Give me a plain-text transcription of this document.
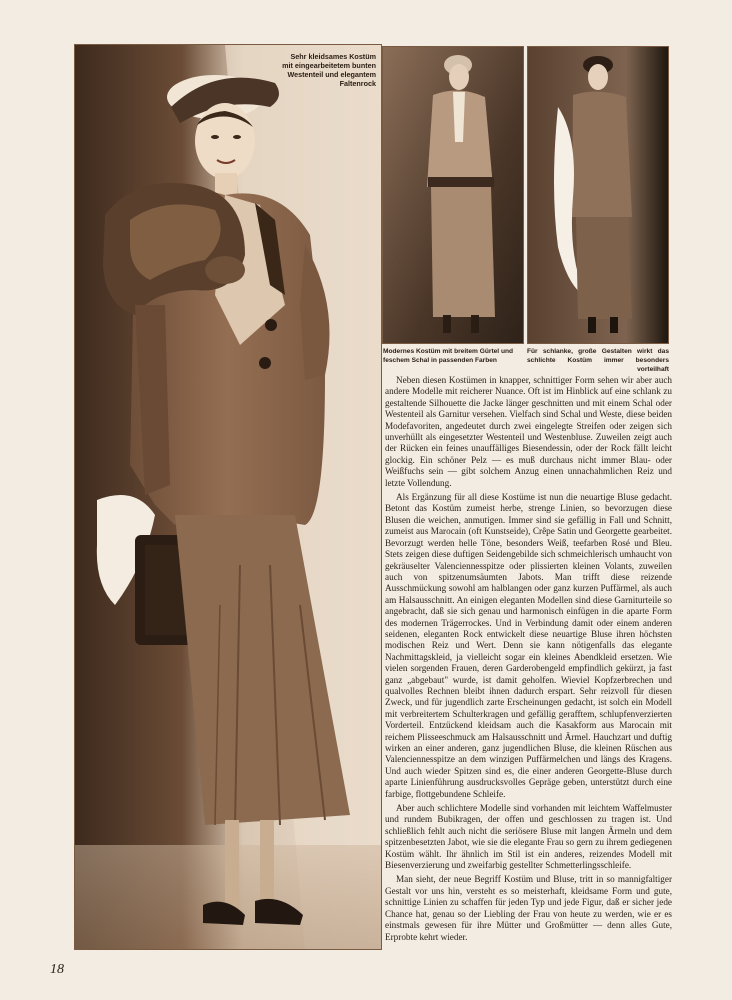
Sehr kleidsames Kostüm mit eingearbeitetem bunten Westenteil und elegantem Faltenrock
Modernes Kostüm mit breitem Gürtel und feschem Schal in passenden Farben
Für schlanke, große Gestalten wirkt das schlichte Kostüm immer besonders vorteilhaft

Neben diesen Kostümen in knapper, schnittiger Form sehen wir aber auch andere Modelle mit reicherer Nuance. Oft ist im Hinblick auf eine schlank zu gestaltende Silhouette die Jacke länger geschnitten und mit einem Schal oder Westenteil als Garnitur versehen. Vielfach sind Schal und Weste, diese beiden Modefavoriten, angedeutet durch zwei eingelegte Streifen oder zeigen sich unverhüllt als eingesetzter Westenteil und Westenbluse. Zuweilen zeigt auch der Rücken ein feines unauffälliges Biesendessin, oder der Rock fällt leicht glockig. Ein schöner Pelz — es muß durchaus nicht immer Blau- oder Weißfuchs sein — gibt solchem Anzug einen unnachahmlichen Reiz und letzte Vollendung.

Als Ergänzung für all diese Kostüme ist nun die neuartige Bluse gedacht. Betont das Kostüm zumeist herbe, strenge Linien, so bevorzugen diese Blusen die weichen, anmutigen. Immer sind sie gefällig in Fall und Schnitt, zumeist aus Marocain (oft Kunstseide), Crêpe Satin und Georgette gearbeitet. Bevorzugt werden helle Töne, besonders Weiß, teefarben Rosé und Bleu. Stets zeigen diese duftigen Seidengebilde sich schmeichlerisch umhaucht von gekräuselter Valenciennesspitze oder plissierten kleinen Volants, zuweilen auch von spitzenumsäumten Jabots. Man trifft diese reizende Ausschmückung sowohl am halblangen oder ganz kurzen Puffärmel, als auch am Halsausschnitt. An einigen eleganten Modellen sind diese Garniturteile so angebracht, daß sie sich genau und harmonisch einfügen in die aparte Form des modernen Trägerrockes. Und in Verbindung damit oder einem anderen seidenen, eleganten Rock entwickelt diese neuartige Bluse ihren höchsten modischen Reiz und Wert. Denn sie kann nötigenfalls das elegante Nachmittagskleid, ja vielleicht sogar ein kleines Abendkleid ersetzen. Wie vielen sorgenden Frauen, deren Garderobengeld empfindlich gekürzt, ja fast ganz „abgebaut" wurde, ist damit geholfen. Wieviel Kopfzerbrechen und qualvolles Rechnen bleibt ihnen dadurch erspart. Sehr reizvoll für diesen Zweck, und für jugendlich zarte Erscheinungen gedacht, ist solch ein Modell mit verbreitertem Schulterkragen und gefällig gerafftem, schlupfenverzierten Vorderteil. Entzückend kleidsam auch die Kasakform aus Marocain mit reichem Plisseeschmuck am Halsausschnitt und Ärmel. Hauchzart und duftig wirken an einer anderen, ganz jugendlichen Bluse, die kleinen Rüschen aus Valenciennesspitze an dem winzigen Puffärmelchen und längs des Kragens. Und auch wieder Spitzen sind es, die einer anderen Georgette-Bluse durch aparte Linienführung ausdrucksvolles Gepräge geben, unterstützt durch eine farbige, flottgebundene Schleife.

Aber auch schlichtere Modelle sind vorhanden mit leichtem Waffelmuster und rundem Bubikragen, der offen und geschlossen zu tragen ist. Und schließlich fehlt auch nicht die seriösere Bluse mit langen Ärmeln und dem spitzenbesetzten Jabot, wie sie die elegante Frau so gern zu ihrem gediegenen Kostüm wählt. Ihr ähnlich im Stil ist ein anderes, reizendes Modell mit Biesenverzierung und zweifarbig gestellter Schmetterlingsschleife.

Man sieht, der neue Begriff Kostüm und Bluse, tritt in so mannigfaltiger Gestalt vor uns hin, versteht es so meisterhaft, kleidsame Form und gute, schnittige Linien zu schaffen für jeden Typ und jede Figur, daß er sicher jede Chance hat, genau so der Liebling der Frau von heute zu werden, wie er es einstmals gewesen für ihre Mütter und Großmütter — denn alles Gute, Erprobte kehrt wieder.

18
